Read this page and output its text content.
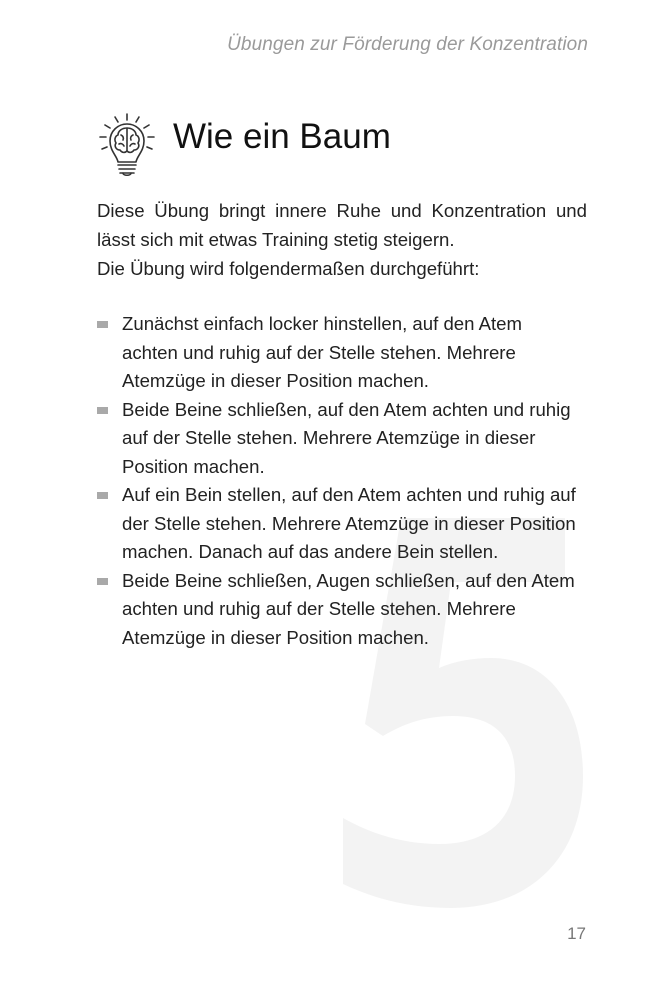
Übungen zur Förderung der Konzentration
Wie ein Baum

Diese Übung bringt innere Ruhe und Konzentration und lässt sich mit etwas Training stetig steigern.

Die Übung wird folgendermaßen durchgeführt:

Zunächst einfach locker hinstellen, auf den Atem achten und ruhig auf der Stelle stehen. Mehrere Atemzüge in dieser Position machen.
Beide Beine schließen, auf den Atem achten und ruhig auf der Stelle stehen. Mehrere Atemzüge in dieser Position machen.
Auf ein Bein stellen, auf den Atem achten und ruhig auf der Stelle stehen. Mehrere Atemzüge in dieser Position machen. Danach auf das andere Bein stellen.
Beide Beine schließen, Augen schließen, auf den Atem achten und ruhig auf der Stelle stehen. Mehrere Atemzüge in dieser Position machen.
17
